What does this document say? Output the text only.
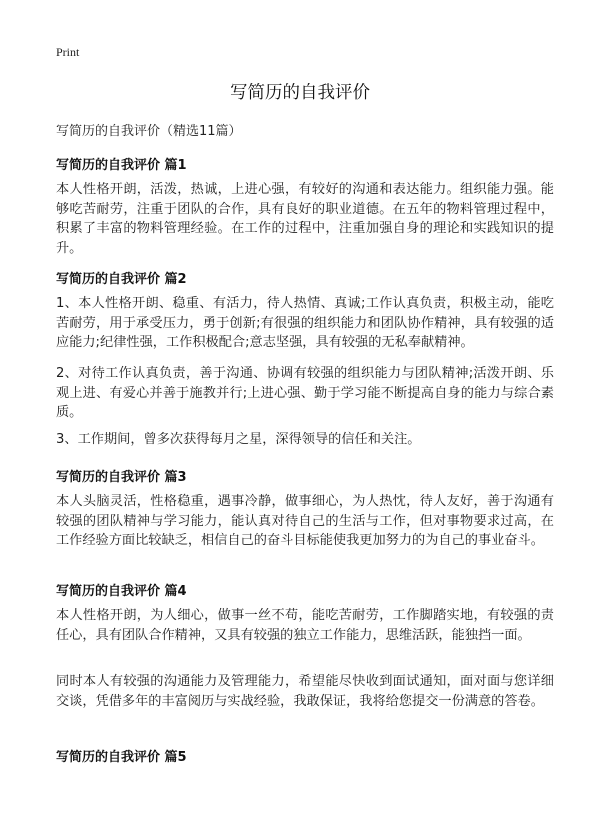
Print
写简历的自我评价
写简历的自我评价（精选11篇）
写简历的自我评价 篇1

本人性格开朗，活泼，热诚，上进心强，有较好的沟通和表达能力。组织能力强。能够吃苦耐劳，注重于团队的合作，具有良好的职业道德。在五年的物料管理过程中，积累了丰富的物料管理经验。在工作的过程中，注重加强自身的理论和实践知识的提升。

写简历的自我评价 篇2

1、本人性格开朗、稳重、有活力，待人热情、真诚;工作认真负责，积极主动，能吃苦耐劳，用于承受压力，勇于创新;有很强的组织能力和团队协作精神，具有较强的适应能力;纪律性强，工作积极配合;意志坚强，具有较强的无私奉献精神。

2、对待工作认真负责，善于沟通、协调有较强的组织能力与团队精神;活泼开朗、乐观上进、有爱心并善于施教并行;上进心强、勤于学习能不断提高自身的能力与综合素质。

3、工作期间，曾多次获得每月之星，深得领导的信任和关注。

写简历的自我评价 篇3

本人头脑灵活，性格稳重，遇事冷静，做事细心，为人热忱，待人友好，善于沟通有较强的团队精神与学习能力，能认真对待自己的生活与工作，但对事物要求过高，在工作经验方面比较缺乏，相信自己的奋斗目标能使我更加努力的为自己的事业奋斗。

写简历的自我评价 篇4

本人性格开朗，为人细心，做事一丝不苟，能吃苦耐劳，工作脚踏实地，有较强的责任心，具有团队合作精神，又具有较强的独立工作能力，思维活跃，能独挡一面。

同时本人有较强的沟通能力及管理能力，希望能尽快收到面试通知，面对面与您详细交谈，凭借多年的丰富阅历与实战经验，我敢保证，我将给您提交一份满意的答卷。

写简历的自我评价 篇5
